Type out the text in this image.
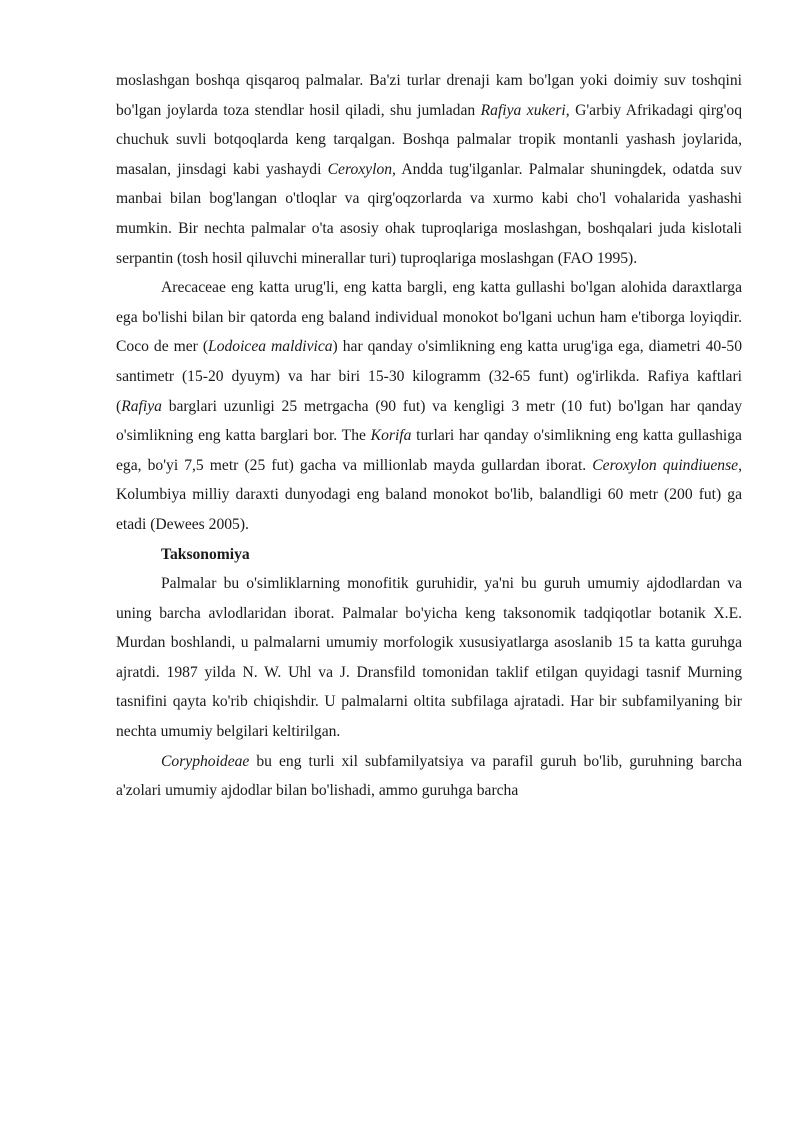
moslashgan boshqa qisqaroq palmalar. Ba'zi turlar drenaji kam bo'lgan yoki doimiy suv toshqini bo'lgan joylarda toza stendlar hosil qiladi, shu jumladan Rafiya xukeri, G'arbiy Afrikadagi qirg'oq chuchuk suvli botqoqlarda keng tarqalgan. Boshqa palmalar tropik montanli yashash joylarida, masalan, jinsdagi kabi yashaydi Ceroxylon, Andda tug'ilganlar. Palmalar shuningdek, odatda suv manbai bilan bog'langan o'tloqlar va qirg'oqzorlarda va xurmo kabi cho'l vohalarida yashashi mumkin. Bir nechta palmalar o'ta asosiy ohak tuproqlariga moslashgan, boshqalari juda kislotali serpantin (tosh hosil qiluvchi minerallar turi) tuproqlariga moslashgan (FAO 1995).

Arecaceae eng katta urug'li, eng katta bargli, eng katta gullashi bo'lgan alohida daraxtlarga ega bo'lishi bilan bir qatorda eng baland individual monokot bo'lgani uchun ham e'tiborga loyiqdir. Coco de mer (Lodoicea maldivica) har qanday o'simlikning eng katta urug'iga ega, diametri 40-50 santimetr (15-20 dyuym) va har biri 15-30 kilogramm (32-65 funt) og'irlikda. Rafiya kaftlari (Rafiya barglari uzunligi 25 metrgacha (90 fut) va kengligi 3 metr (10 fut) bo'lgan har qanday o'simlikning eng katta barglari bor. The Korifa turlari har qanday o'simlikning eng katta gullashiga ega, bo'yi 7,5 metr (25 fut) gacha va millionlab mayda gullardan iborat. Ceroxylon quindiuense, Kolumbiya milliy daraxti dunyodagi eng baland monokot bo'lib, balandligi 60 metr (200 fut) ga etadi (Dewees 2005).

Taksonomiya

Palmalar bu o'simliklarning monofitik guruhidir, ya'ni bu guruh umumiy ajdodlardan va uning barcha avlodlaridan iborat. Palmalar bo'yicha keng taksonomik tadqiqotlar botanik X.E. Murdan boshlandi, u palmalarni umumiy morfologik xususiyatlarga asoslanib 15 ta katta guruhga ajratdi. 1987 yilda N. W. Uhl va J. Dransfild tomonidan taklif etilgan quyidagi tasnif Murning tasnifini qayta ko'rib chiqishdir. U palmalarni oltita subfilaga ajratadi. Har bir subfamilyaning bir nechta umumiy belgilari keltirilgan.

Coryphoideae bu eng turli xil subfamilyatsiya va parafil guruh bo'lib, guruhning barcha a'zolari umumiy ajdodlar bilan bo'lishadi, ammo guruhga barcha
